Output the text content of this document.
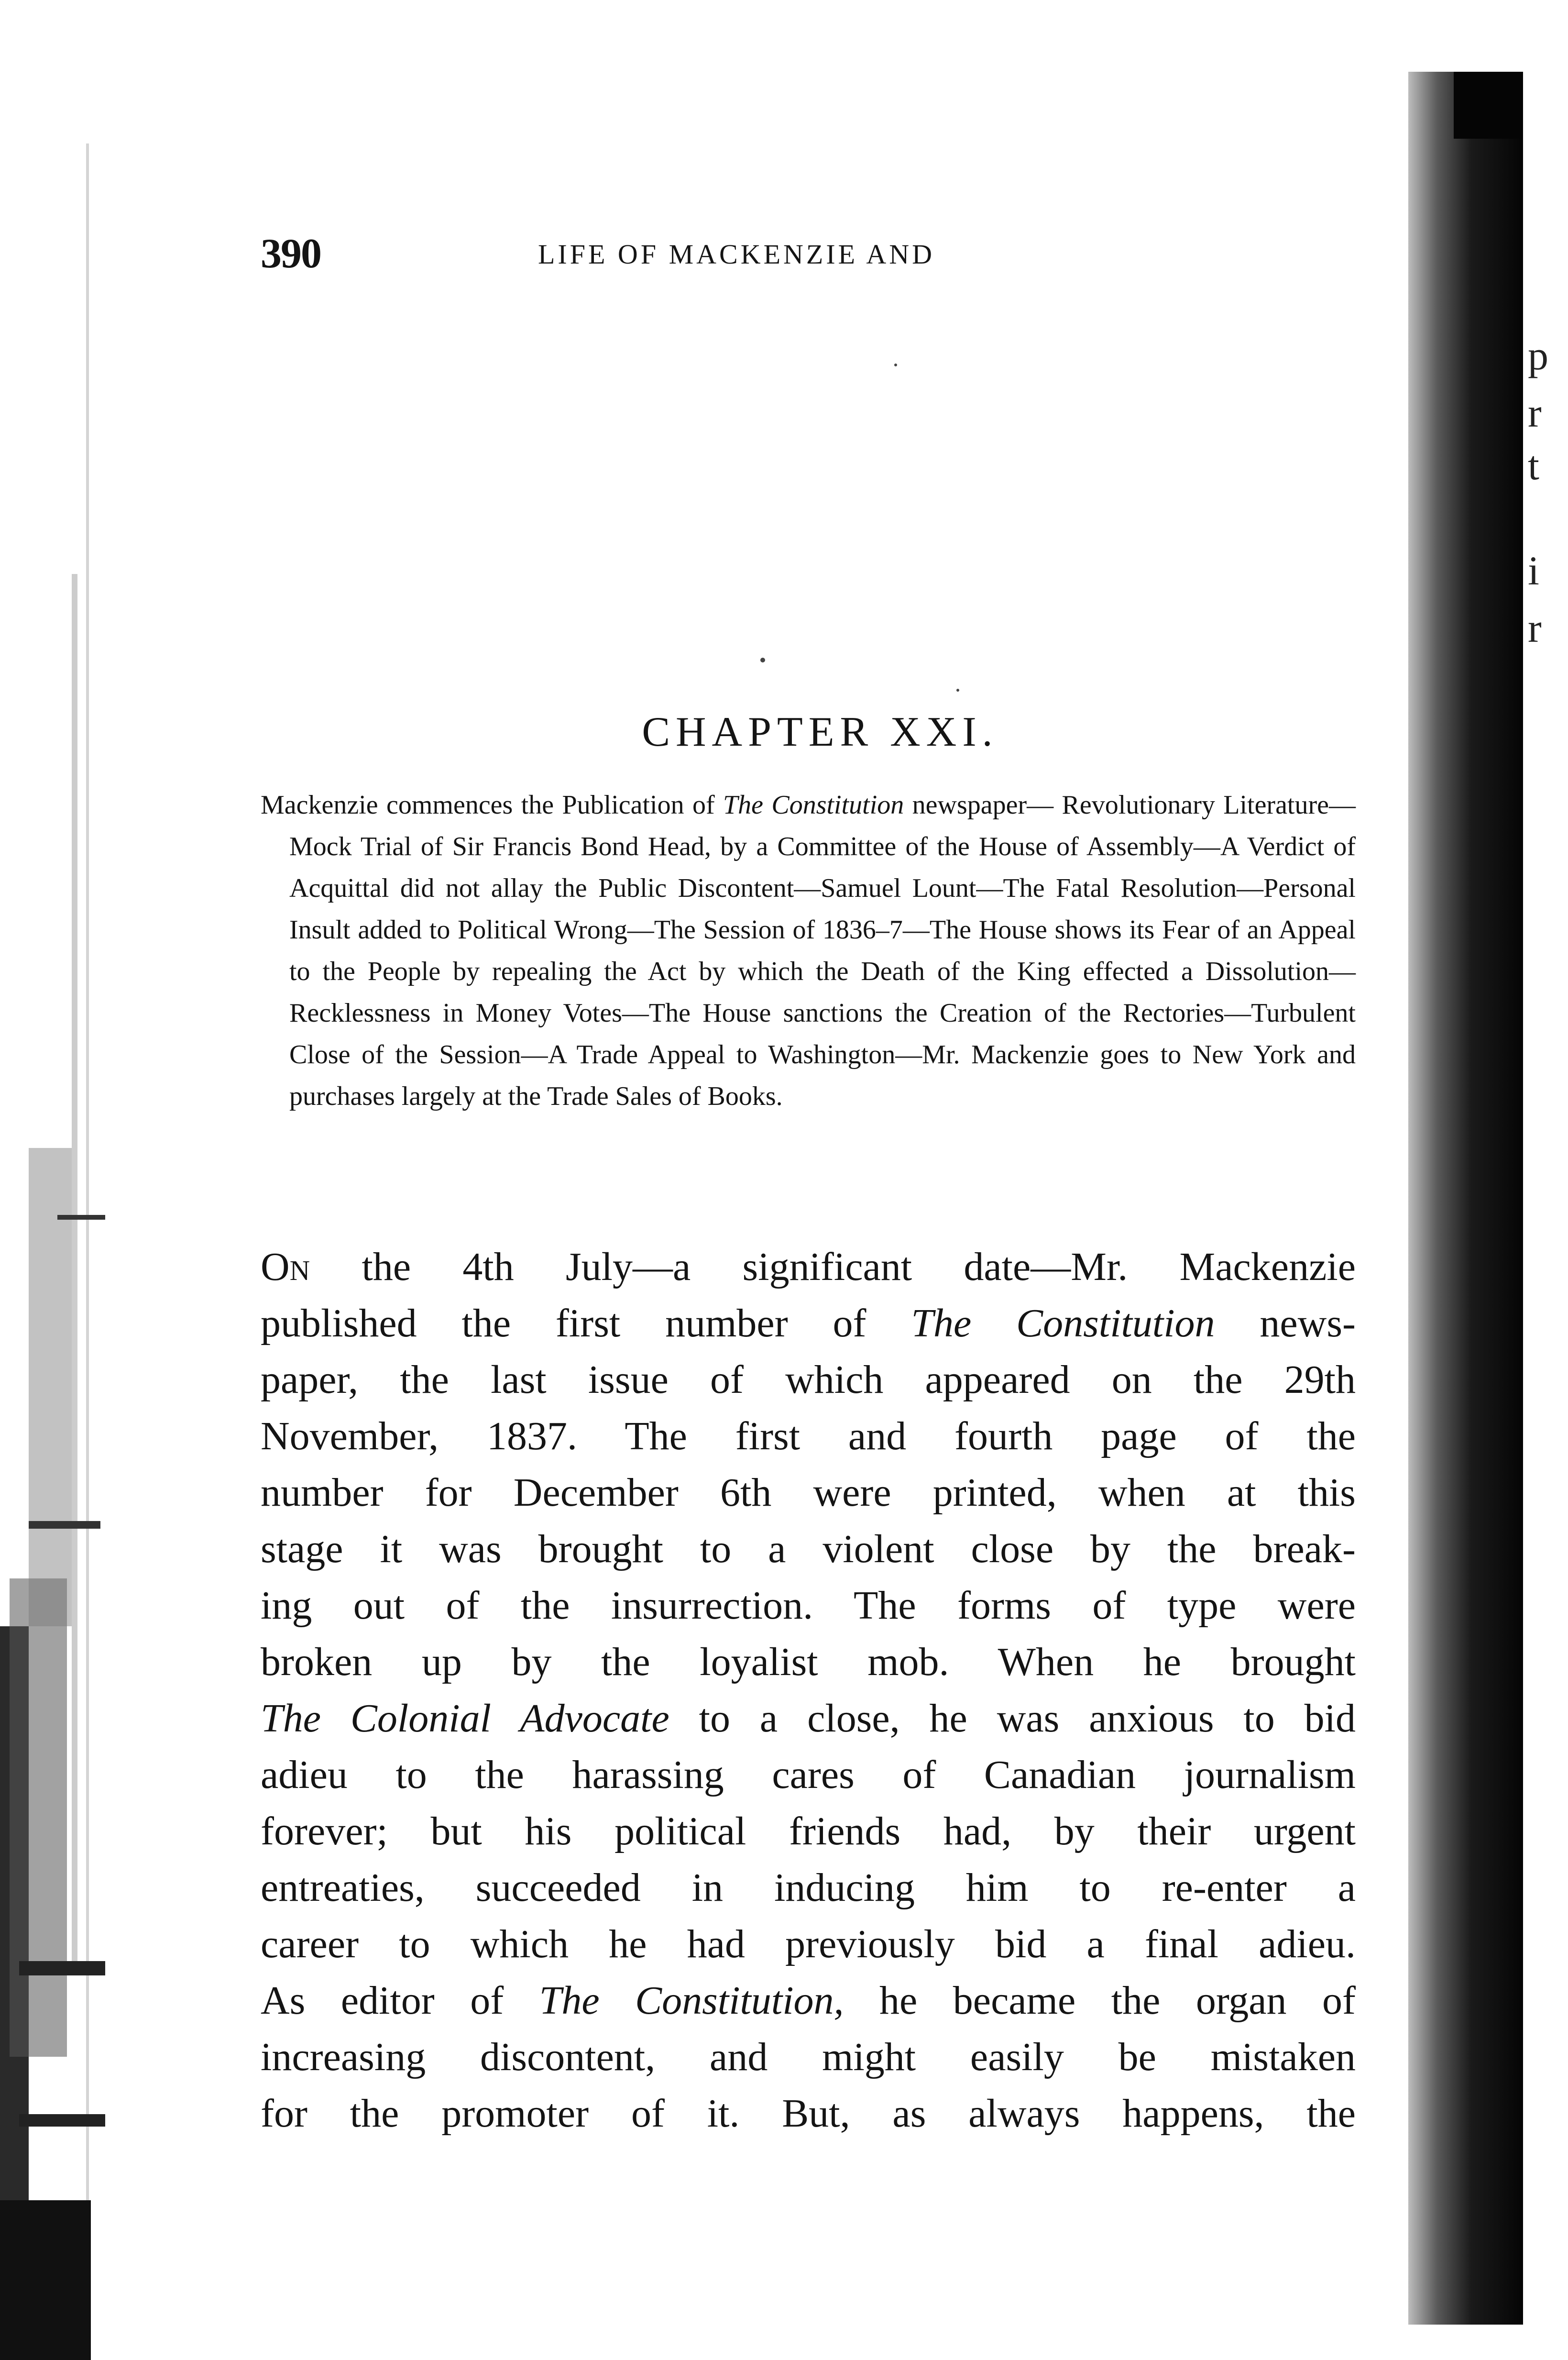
p
r
t
i
r
390	LIFE OF MACKENZIE AND
CHAPTER XXI.
Mackenzie commences the Publication of The Constitution newspaper— Revolutionary Literature—Mock Trial of Sir Francis Bond Head, by a Committee of the House of Assembly—A Verdict of Acquittal did not allay the Public Discontent—Samuel Lount—The Fatal Resolution—Personal Insult added to Political Wrong—The Session of 1836–7—The House shows its Fear of an Appeal to the People by repealing the Act by which the Death of the King effected a Dissolution—Recklessness in Money Votes—The House sanctions the Creation of the Rectories—Turbulent Close of the Session—A Trade Appeal to Washington—Mr. Mackenzie goes to New York and purchases largely at the Trade Sales of Books.
On the 4th July—a significant date—Mr. Mackenzie
published the first number of The Constitution news-
paper, the last issue of which appeared on the 29th
November, 1837. The first and fourth page of the
number for December 6th were printed, when at this
stage it was brought to a violent close by the break-
ing out of the insurrection. The forms of type were
broken up by the loyalist mob. When he brought
The Colonial Advocate to a close, he was anxious to bid
adieu to the harassing cares of Canadian journalism
forever; but his political friends had, by their urgent
entreaties, succeeded in inducing him to re-enter a
career to which he had previously bid a final adieu.
As editor of The Constitution, he became the organ of
increasing discontent, and might easily be mistaken
for the promoter of it. But, as always happens, the
